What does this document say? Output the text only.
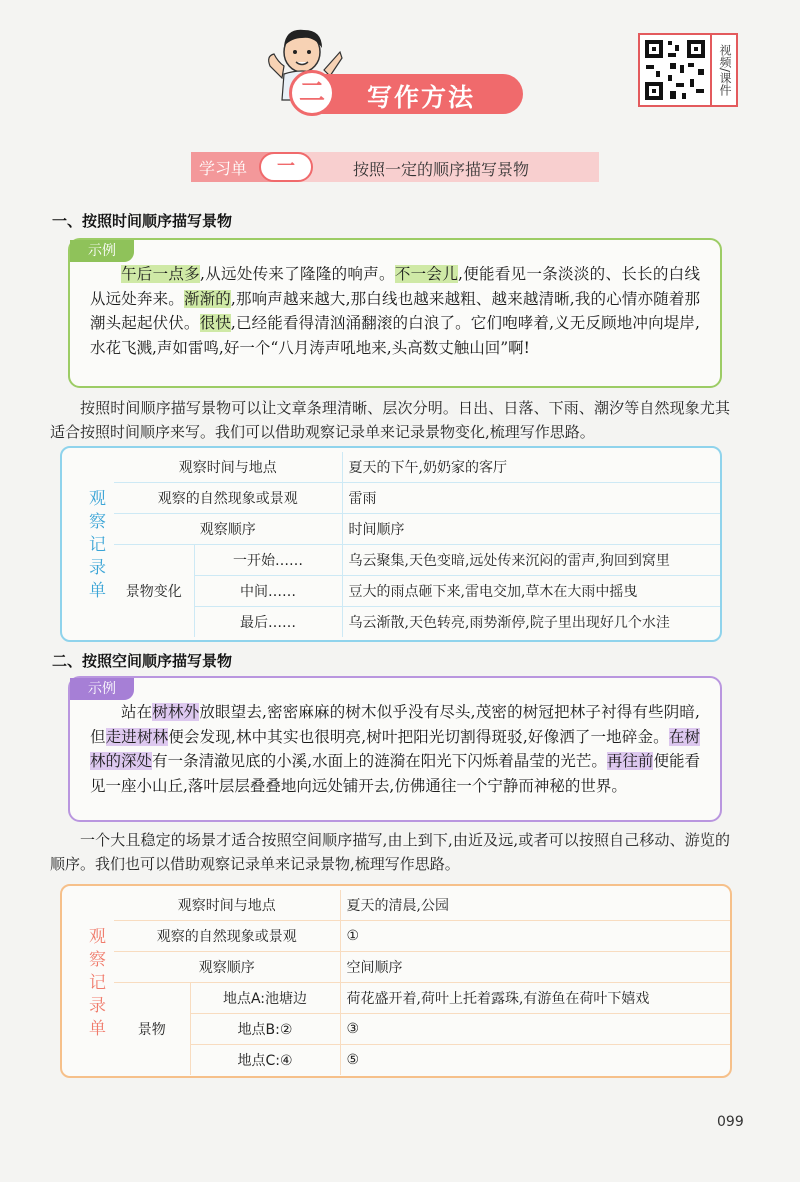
二	写作方法
视频/课件
学习单	按照一定的顺序描写景物
一
一、按照时间顺序描写景物
示例
午后一点多,从远处传来了隆隆的响声。不一会儿,便能看见一条淡淡的、长长的白线从远处奔来。渐渐的,那响声越来越大,那白线也越来越粗、越来越清晰,我的心情亦随着那潮头起起伏伏。很快,已经能看得清汹涌翻滚的白浪了。它们咆哮着,义无反顾地冲向堤岸,水花飞溅,声如雷鸣,好一个“八月涛声吼地来,头高数丈触山回”啊!
按照时间顺序描写景物可以让文章条理清晰、层次分明。日出、日落、下雨、潮汐等自然现象尤其适合按照时间顺序来写。我们可以借助观察记录单来记录景物变化,梳理写作思路。
观察记录单
观察时间与地点		夏天的下午,奶奶家的客厅
观察的自然现象或景观		雷雨
观察顺序		时间顺序
景物变化	一开始……	乌云聚集,天色变暗,远处传来沉闷的雷声,狗回到窝里
	中间……	豆大的雨点砸下来,雷电交加,草木在大雨中摇曳
	最后……	乌云渐散,天色转亮,雨势渐停,院子里出现好几个水洼
二、按照空间顺序描写景物
示例
站在树林外放眼望去,密密麻麻的树木似乎没有尽头,茂密的树冠把林子衬得有些阴暗,但走进树林便会发现,林中其实也很明亮,树叶把阳光切割得斑驳,好像洒了一地碎金。在树林的深处有一条清澈见底的小溪,水面上的涟漪在阳光下闪烁着晶莹的光芒。再往前便能看见一座小山丘,落叶层层叠叠地向远处铺开去,仿佛通往一个宁静而神秘的世界。
一个大且稳定的场景才适合按照空间顺序描写,由上到下,由近及远,或者可以按照自己移动、游览的顺序。我们也可以借助观察记录单来记录景物,梳理写作思路。
观察记录单
观察时间与地点		夏天的清晨,公园
观察的自然现象或景观		①
观察顺序		空间顺序
景物	地点A:池塘边	荷花盛开着,荷叶上托着露珠,有游鱼在荷叶下嬉戏
	地点B:②	③
	地点C:④	⑤
099
